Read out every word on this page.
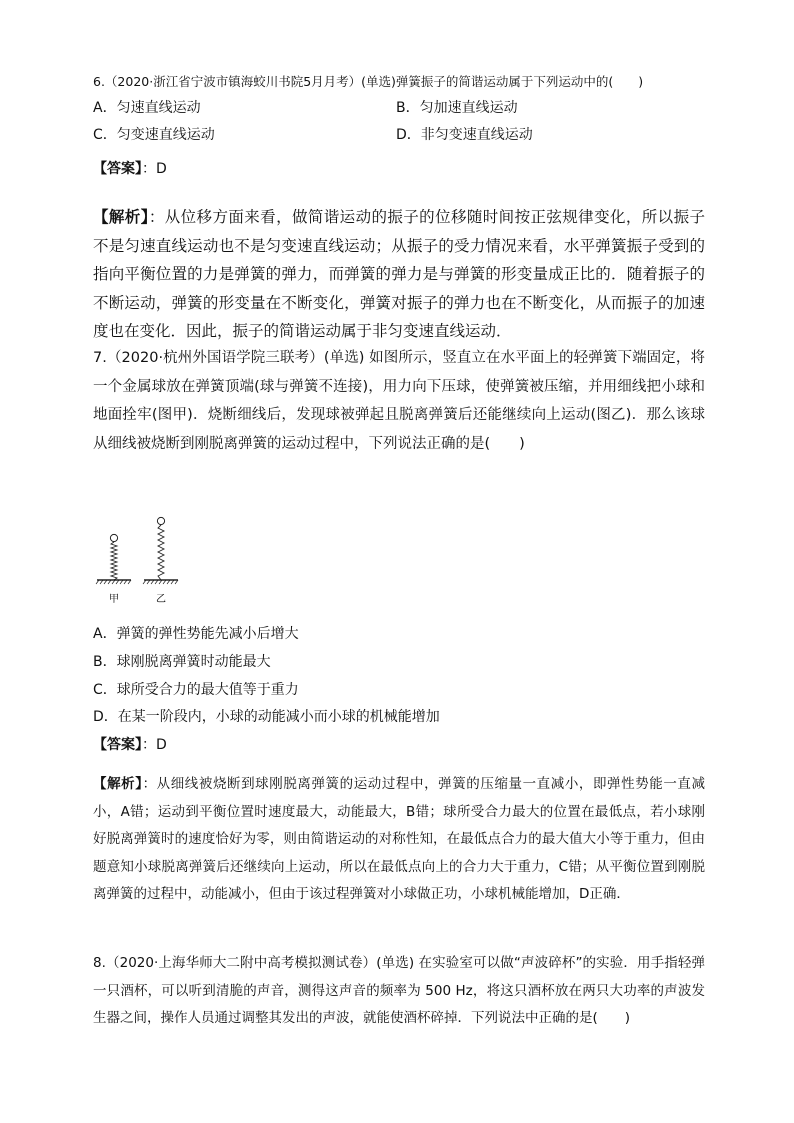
6.（2020·浙江省宁波市镇海蛟川书院5月月考）(单选)弹簧振子的简谐运动属于下列运动中的(　　)
A．匀速直线运动	B．匀加速直线运动
C．匀变速直线运动	D．非匀变速直线运动
【答案】：D
【解析】：从位移方面来看，做简谐运动的振子的位移随时间按正弦规律变化，所以振子不是匀速直线运动也不是匀变速直线运动；从振子的受力情况来看，水平弹簧振子受到的指向平衡位置的力是弹簧的弹力，而弹簧的弹力是与弹簧的形变量成正比的．随着振子的不断运动，弹簧的形变量在不断变化，弹簧对振子的弹力也在不断变化，从而振子的加速度也在变化．因此，振子的简谐运动属于非匀变速直线运动．
7.（2020·杭州外国语学院三联考）(单选) 如图所示，竖直立在水平面上的轻弹簧下端固定，将一个金属球放在弹簧顶端(球与弹簧不连接)，用力向下压球，使弹簧被压缩，并用细线把小球和地面拴牢(图甲)．烧断细线后，发现球被弹起且脱离弹簧后还能继续向上运动(图乙)．那么该球从细线被烧断到刚脱离弹簧的运动过程中，下列说法正确的是(　　)
甲	乙
A．弹簧的弹性势能先减小后增大
B．球刚脱离弹簧时动能最大
C．球所受合力的最大值等于重力
D．在某一阶段内，小球的动能减小而小球的机械能增加
【答案】：D
【解析】：从细线被烧断到球刚脱离弹簧的运动过程中，弹簧的压缩量一直减小，即弹性势能一直减小，A错；运动到平衡位置时速度最大，动能最大，B错；球所受合力最大的位置在最低点，若小球刚好脱离弹簧时的速度恰好为零，则由简谐运动的对称性知，在最低点合力的最大值大小等于重力，但由题意知小球脱离弹簧后还继续向上运动，所以在最低点向上的合力大于重力，C错；从平衡位置到刚脱离弹簧的过程中，动能减小，但由于该过程弹簧对小球做正功，小球机械能增加，D正确．
8.（2020·上海华师大二附中高考模拟测试卷）(单选) 在实验室可以做“声波碎杯”的实验．用手指轻弹一只酒杯，可以听到清脆的声音，测得这声音的频率为 500 Hz，将这只酒杯放在两只大功率的声波发生器之间，操作人员通过调整其发出的声波，就能使酒杯碎掉．下列说法中正确的是(　　)
